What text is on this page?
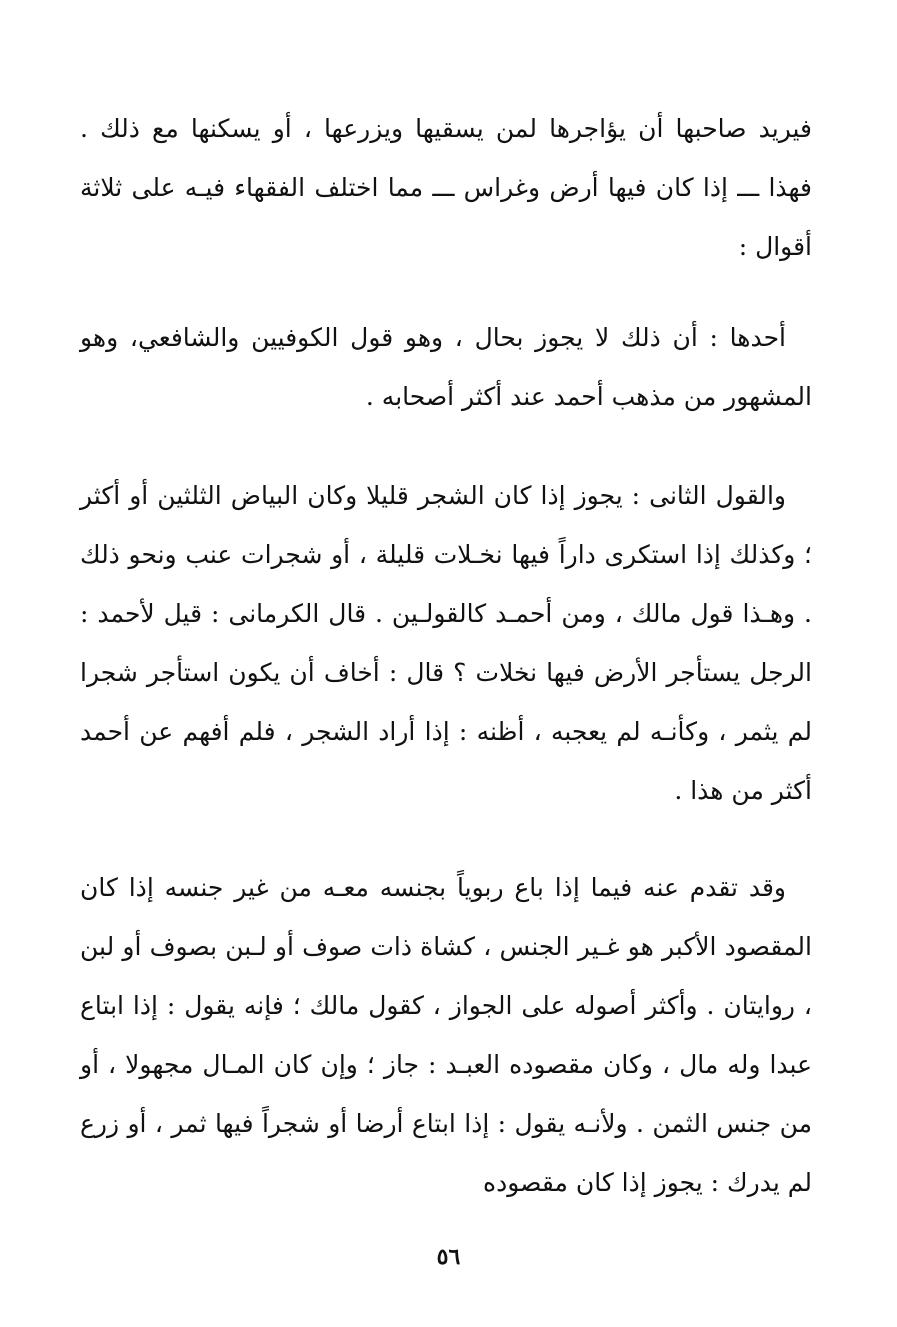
فيريد صاحبها أن يؤاجرها لمن يسقيها ويزرعها ، أو يسكنها مع ذلك . فهذا ـــ إذا كان فيها أرض وغراس ـــ مما اختلف الفقهاء فيـه على ثلاثة أقوال :

أحدها : أن ذلك لا يجوز بحال ، وهو قول الكوفيين والشافعي، وهو المشهور من مذهب أحمد عند أكثر أصحابه .

والقول الثانى : يجوز إذا كان الشجر قليلا وكان البياض الثلثين أو أكثر ؛ وكذلك إذا استكرى داراً فيها نخـلات قليلة ، أو شجرات عنب ونحو ذلك . وهـذا قول مالك ، ومن أحمـد كالقولـين . قال الكرمانى : قيل لأحمد : الرجل يستأجر الأرض فيها نخلات ؟ قال : أخاف أن يكون استأجر شجرا لم يثمر ، وكأنـه لم يعجبه ، أظنه : إذا أراد الشجر ، فلم أفهم عن أحمد أكثر من هذا .

وقد تقدم عنه فيما إذا باع ربوياً بجنسه معـه من غير جنسه إذا كان المقصود الأكبر هو غـير الجنس ، كشاة ذات صوف أو لـبن بصوف أو لبن ، روايتان . وأكثر أصوله على الجواز ، كقول مالك ؛ فإنه يقول : إذا ابتاع عبدا وله مال ، وكان مقصوده العبـد : جاز ؛ وإن كان المـال مجهولا ، أو من جنس الثمن . ولأنـه يقول : إذا ابتاع أرضا أو شجراً فيها ثمر ، أو زرع لم يدرك : يجوز إذا كان مقصوده

٥٦
